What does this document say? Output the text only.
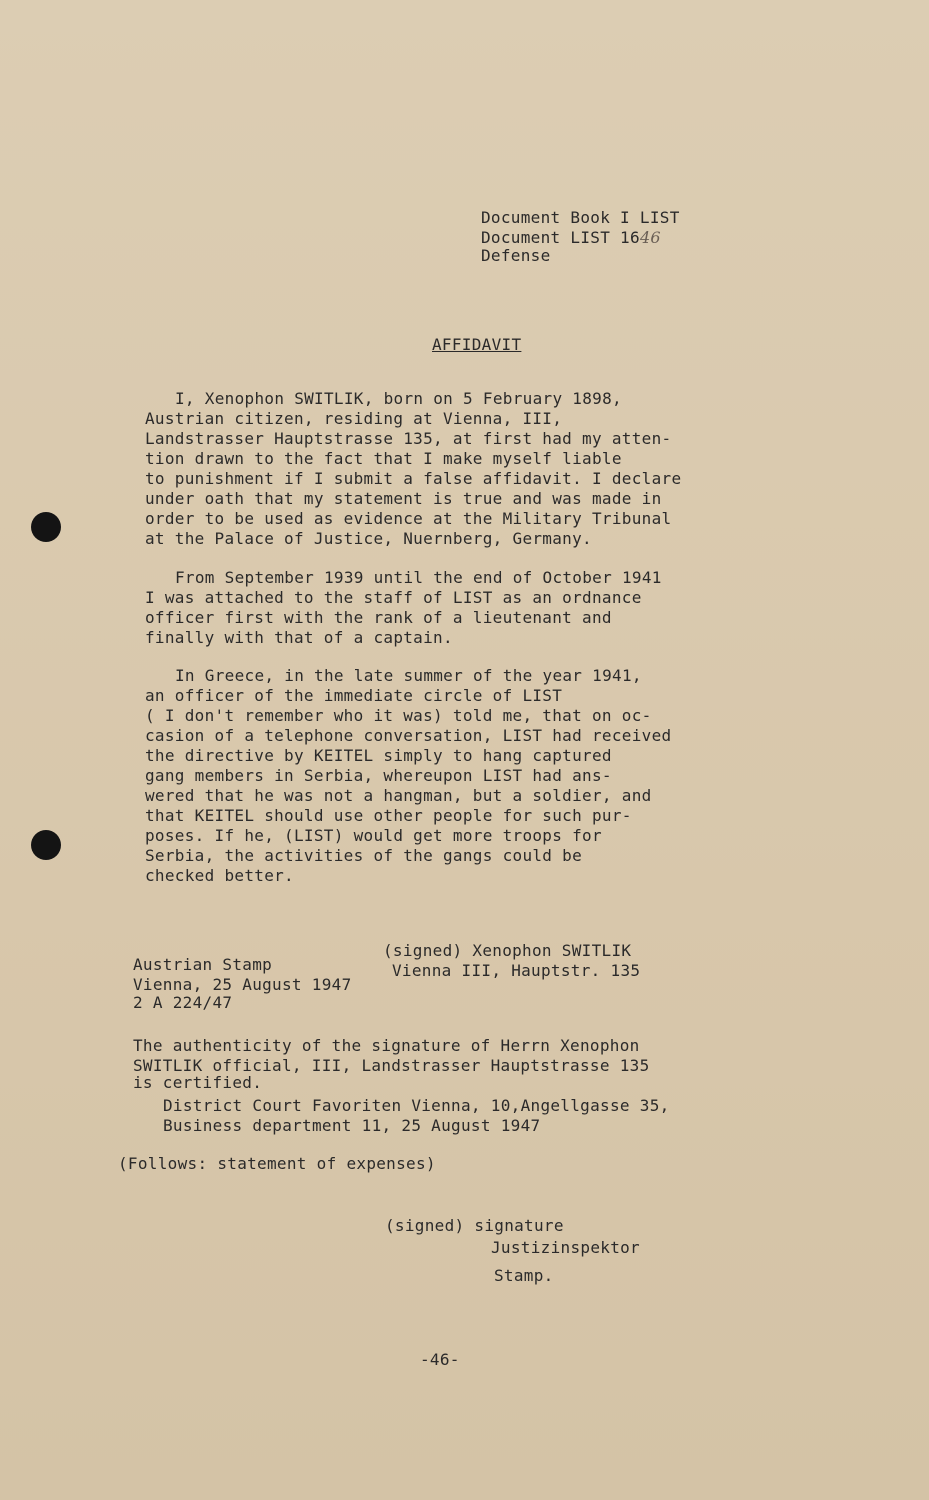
Document Book I LIST
Document LIST 1646
Defense
AFFIDAVIT
I, Xenophon SWITLIK, born on 5 February 1898,
Austrian citizen, residing at Vienna, III,
Landstrasser Hauptstrasse 135, at first had my atten-
tion drawn to the fact that I make myself liable
to punishment if I submit a false affidavit. I declare
under oath that my statement is true and was made in
order to be used as evidence at the Military Tribunal
at the Palace of Justice, Nuernberg, Germany.
From September 1939 until the end of October 1941
I was attached to the staff of LIST as an ordnance
officer first with the rank of a lieutenant and
finally with that of a captain.
In Greece, in the late summer of the year 1941,
an officer of the immediate circle of LIST
( I don't remember who it was) told me, that on oc-
casion of a telephone conversation, LIST had received
the directive by KEITEL simply to hang captured
gang members in Serbia, whereupon LIST had ans-
wered that he was not a hangman, but a soldier, and
that KEITEL should use other people for such pur-
poses. If he, (LIST) would get more troops for
Serbia, the activities of the gangs could be
checked better.
(signed) Xenophon SWITLIK
Vienna III, Hauptstr. 135
Austrian Stamp
Vienna, 25 August 1947
2 A 224/47
The authenticity of the signature of Herrn Xenophon
SWITLIK official, III, Landstrasser Hauptstrasse 135
is certified.
District Court Favoriten Vienna, 10,Angellgasse 35,
Business department 11, 25 August 1947
(Follows: statement of expenses)
(signed) signature
Justizinspektor
Stamp.
-46-
